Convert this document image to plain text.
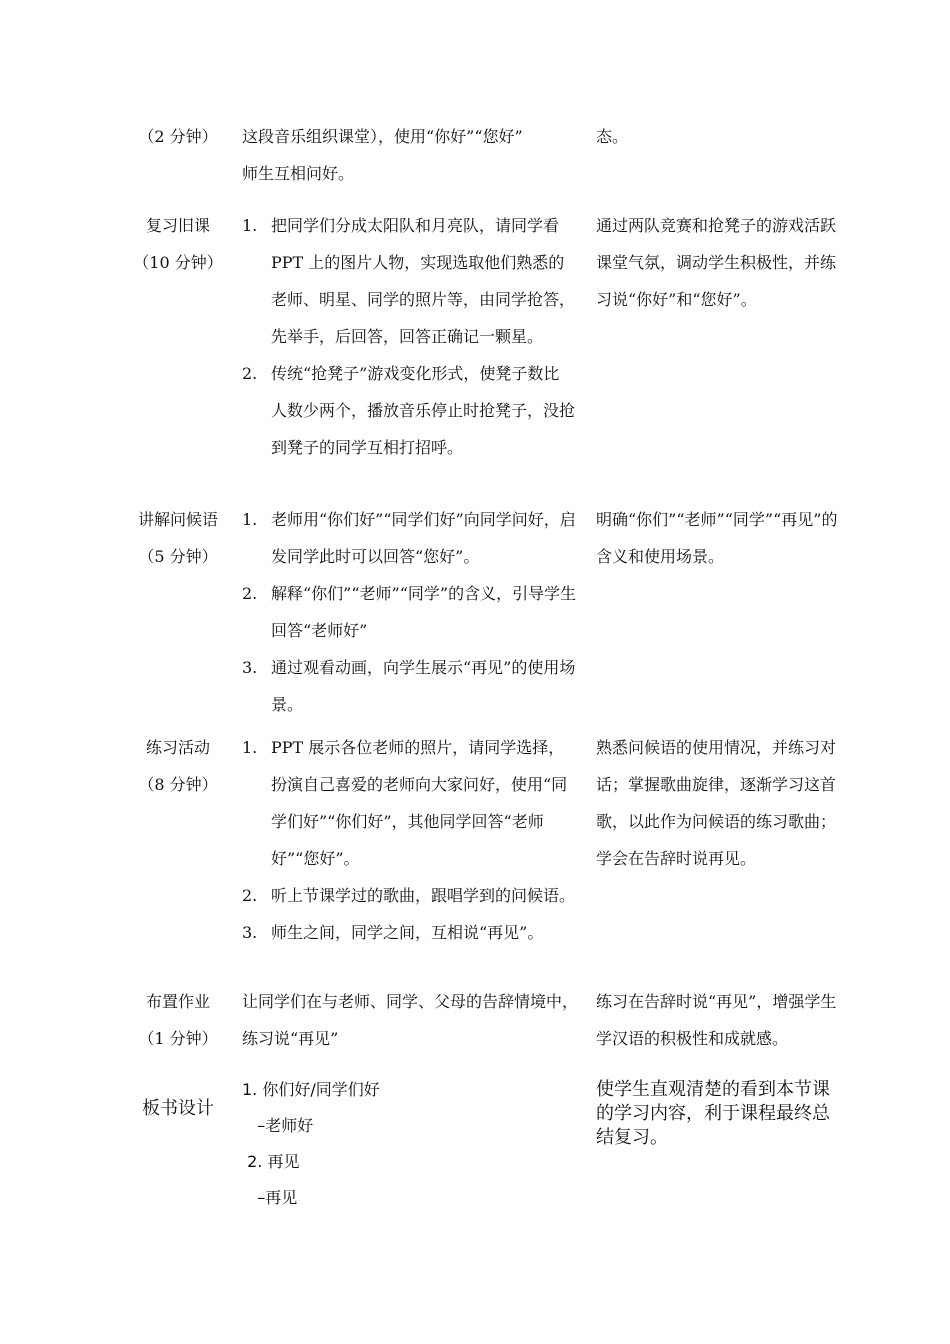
（2 分钟）	这段音乐组织课堂），使用“你好”“您好”
师生互相问好。
态。
复习旧课
（10 分钟）
1. 把同学们分成太阳队和月亮队，请同学看PPT 上的图片人物，实现选取他们熟悉的老师、明星、同学的照片等，由同学抢答，先举手，后回答，回答正确记一颗星。
2. 传统“抢凳子”游戏变化形式，使凳子数比 人数少两个，播放音乐停止时抢凳子，没抢到凳子的同学互相打招呼。
通过两队竞赛和抢凳子的游戏活跃课堂气氛，调动学生积极性，并练习说“你好”和“您好”。
讲解问候语
（5 分钟）
1. 老师用“你们好”“同学们好”向同学问好，启发同学此时可以回答“您好”。
2. 解释“你们”“老师”“同学”的含义，引导学生回答“老师好”
3. 通过观看动画，向学生展示“再见”的使用场景。
明确“你们”“老师”“同学”“再见”的含义和使用场景。
练习活动
（8 分钟）
1. PPT 展示各位老师的照片，请同学选择，扮演自己喜爱的老师向大家问好，使用“同学们好”“你们好”，其他同学回答“老师好”“您好”。
2. 听上节课学过的歌曲，跟唱学到的问候语。
3. 师生之间，同学之间，互相说“再见”。
熟悉问候语的使用情况，并练习对话；掌握歌曲旋律，逐渐学习这首歌，以此作为问候语的练习歌曲；学会在告辞时说再见。
布置作业
（1 分钟）
让同学们在与老师、同学、父母的告辞情境中，练习说“再见”
练习在告辞时说“再见”，增强学生学汉语的积极性和成就感。
板书设计
1. 你们好/同学们好
–老师好
2. 再见
–再见
使学生直观清楚的看到本节课的学习内容，利于课程最终总结复习。
